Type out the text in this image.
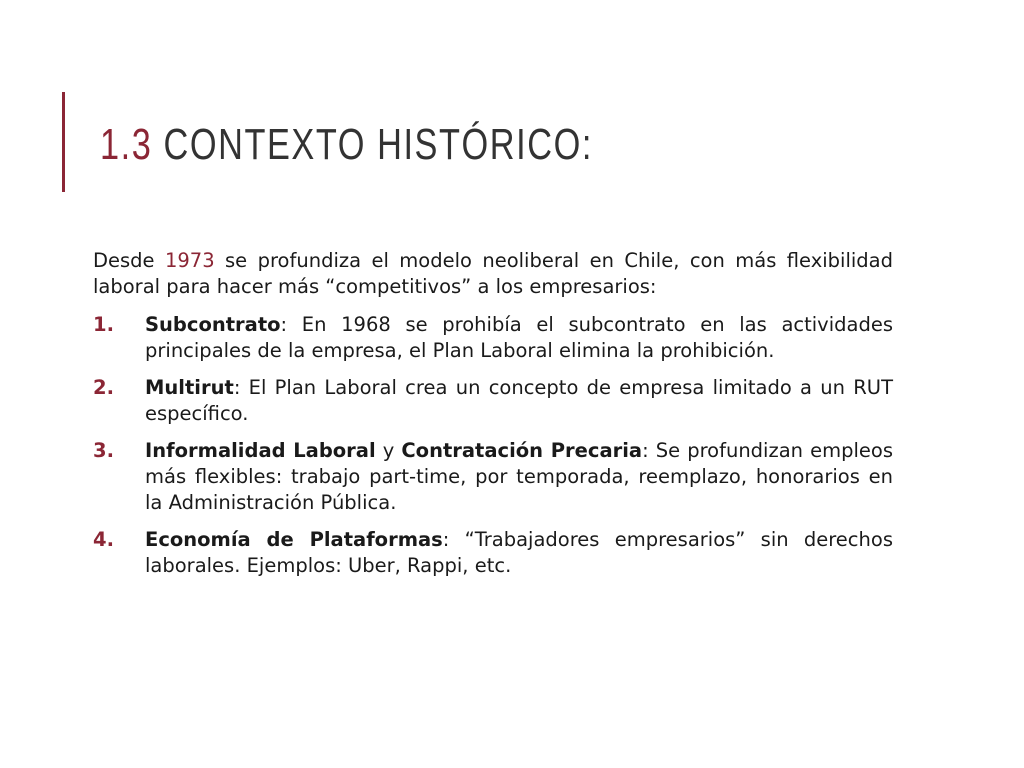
1.3 CONTEXTO HISTÓRICO:

Desde 1973 se profundiza el modelo neoliberal en Chile, con más flexibilidad laboral para hacer más “competitivos” a los empresarios:

1. Subcontrato: En 1968 se prohibía el subcontrato en las actividades principales de la empresa, el Plan Laboral elimina la prohibición.
2. Multirut: El Plan Laboral crea un concepto de empresa limitado a un RUT específico.
3. Informalidad Laboral y Contratación Precaria: Se profundizan empleos más flexibles: trabajo part-time, por temporada, reemplazo, honorarios en la Administración Pública.
4. Economía de Plataformas: “Trabajadores empresarios” sin derechos laborales. Ejemplos: Uber, Rappi, etc.
